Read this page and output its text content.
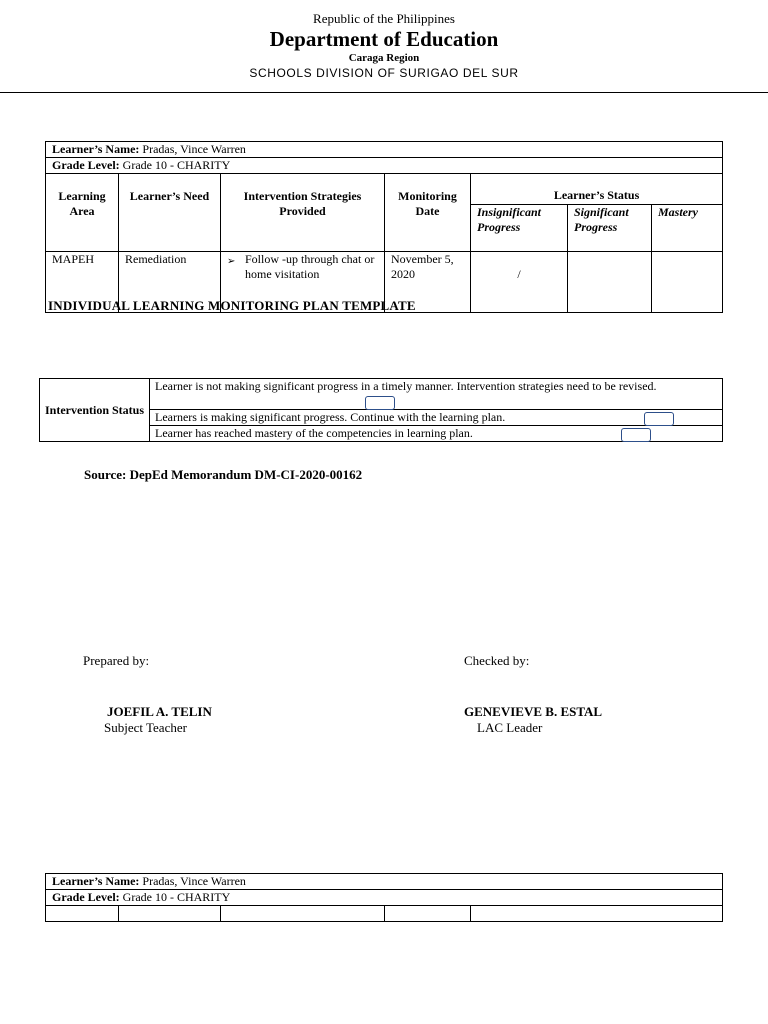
Republic of the Philippines
Department of Education
Caraga Region
SCHOOLS DIVISION OF SURIGAO DEL SUR
Learner’s Name: Pradas, Vince Warren						
Grade Level: Grade 10 - CHARITY						
Learning Area	Learner’s Need	Intervention Strategies Provided	Monitoring Date	Learner’s Status		
				Insignificant Progress	Significant Progress	Mastery
MAPEH	Remediation	➢ Follow -up through chat or home visitation	November 5, 2020	/		
INDIVIDUAL LEARNING MONITORING PLAN TEMPLATE
Intervention Status	Learner is not making significant progress in a timely manner. Intervention strategies need to be revised.

Learners is making significant progress. Continue with the learning plan.

Learner has reached mastery of the competencies in learning plan.
Source: DepEd Memorandum DM-CI-2020-00162
Prepared by:
JOEFIL A. TELIN
Subject Teacher
Checked by:
GENEVIEVE B. ESTAL
LAC Leader
Learner’s Name: Pradas, Vince Warren
Grade Level: Grade 10 - CHARITY
